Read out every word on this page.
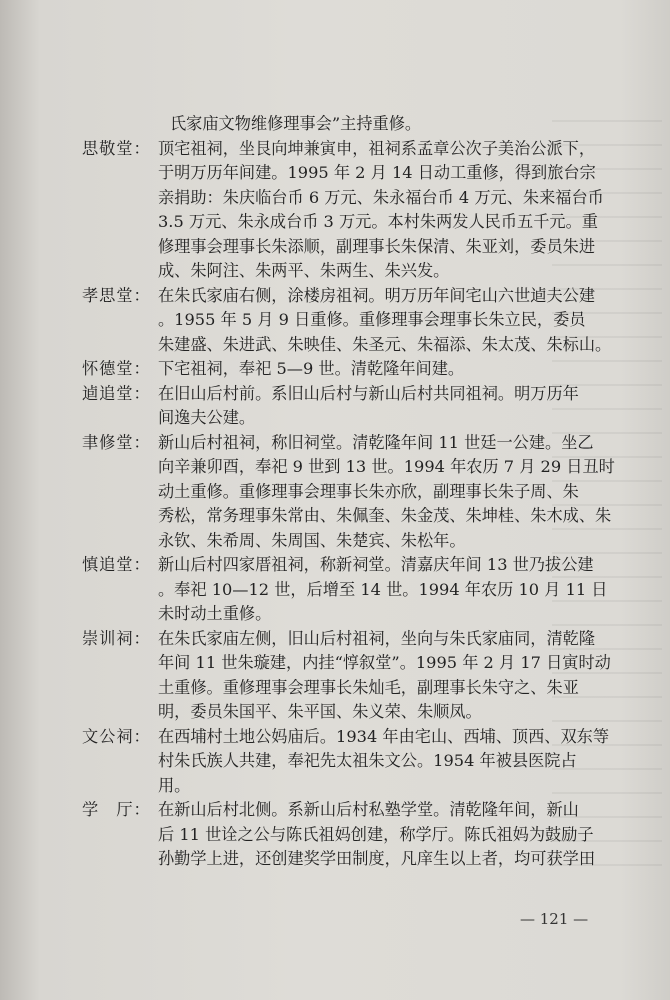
氏家庙文物维修理事会”主持重修。
思敬堂： 顶宅祖祠，坐艮向坤兼寅申，祖祠系孟章公次子美治公派下，
于明万历年间建。1995 年 2 月 14 日动工重修，得到旅台宗
亲捐助：朱庆临台币 6 万元、朱永福台币 4 万元、朱来福台币
3.5 万元、朱永成台币 3 万元。本村朱两发人民币五千元。重
修理事会理事长朱添顺，副理事长朱保清、朱亚刘，委员朱进
成、朱阿注、朱两平、朱两生、朱兴发。
孝思堂： 在朱氏家庙右侧，涂楼房祖祠。明万历年间宅山六世逌夫公建
。1955 年 5 月 9 日重修。重修理事会理事长朱立民，委员
朱建盛、朱进武、朱映佳、朱圣元、朱福添、朱太茂、朱标山。
怀德堂： 下宅祖祠，奉祀 5—9 世。清乾隆年间建。
逌追堂： 在旧山后村前。系旧山后村与新山后村共同祖祠。明万历年
间逸夫公建。
聿修堂： 新山后村祖祠，称旧祠堂。清乾隆年间 11 世廷一公建。坐乙
向辛兼卯酉，奉祀 9 世到 13 世。1994 年农历 7 月 29 日丑时
动土重修。重修理事会理事长朱亦欣，副理事长朱子周、朱
秀松，常务理事朱常由、朱佩奎、朱金茂、朱坤桂、朱木成、朱
永钦、朱希周、朱周国、朱楚宾、朱松年。
慎追堂： 新山后村四家厝祖祠，称新祠堂。清嘉庆年间 13 世乃拔公建
。奉祀 10—12 世，后增至 14 世。1994 年农历 10 月 11 日
未时动土重修。
崇训祠： 在朱氏家庙左侧，旧山后村祖祠，坐向与朱氏家庙同，清乾隆
年间 11 世朱璇建，内挂“惇叙堂”。1995 年 2 月 17 日寅时动
土重修。重修理事会理事长朱灿毛，副理事长朱守之、朱亚
明，委员朱国平、朱平国、朱义荣、朱顺凤。
文公祠： 在西埔村土地公妈庙后。1934 年由宅山、西埔、顶西、双东等
村朱氏族人共建，奉祀先太祖朱文公。1954 年被县医院占
用。
学　厅： 在新山后村北侧。系新山后村私塾学堂。清乾隆年间，新山
后 11 世诠之公与陈氏祖妈创建，称学厅。陈氏祖妈为鼓励子
孙勤学上进，还创建奖学田制度，凡庠生以上者，均可获学田
— 121 —
